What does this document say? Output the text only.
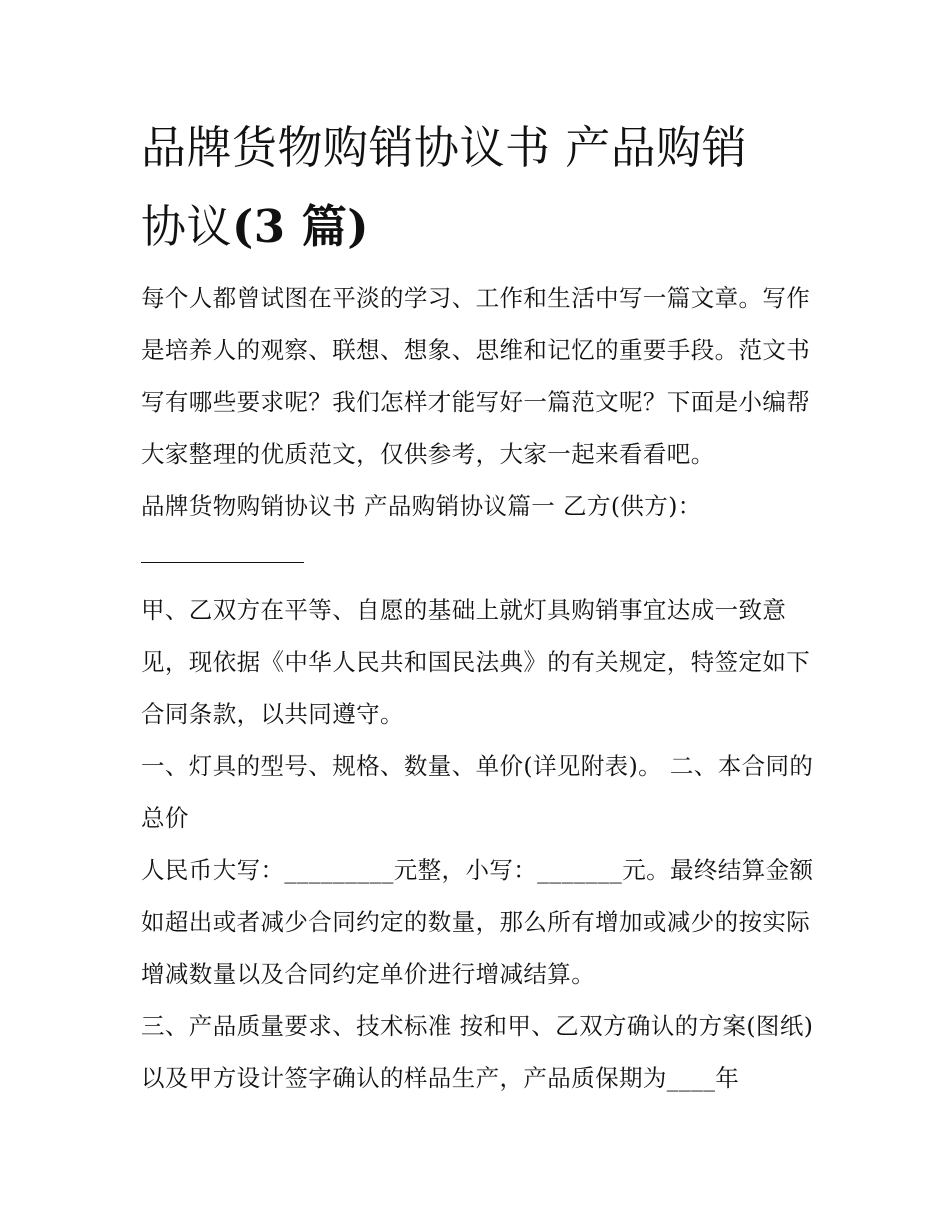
品牌货物购销协议书 产品购销
协议(3 篇)

每个人都曾试图在平淡的学习、工作和生活中写一篇文章。写作是培养人的观察、联想、想象、思维和记忆的重要手段。范文书写有哪些要求呢？我们怎样才能写好一篇范文呢？下面是小编帮大家整理的优质范文，仅供参考，大家一起来看看吧。

品牌货物购销协议书 产品购销协议篇一 乙方(供方)：

甲、乙双方在平等、自愿的基础上就灯具购销事宜达成一致意见，现依据《中华人民共和国民法典》的有关规定，特签定如下合同条款，以共同遵守。

一、灯具的型号、规格、数量、单价(详见附表)。 二、本合同的总价

人民币大写：_________元整，小写：_______元。最终结算金额如超出或者减少合同约定的数量，那么所有增加或减少的按实际增减数量以及合同约定单价进行增减结算。

三、产品质量要求、技术标准 按和甲、乙双方确认的方案(图纸)以及甲方设计签字确认的样品生产，产品质保期为____年
